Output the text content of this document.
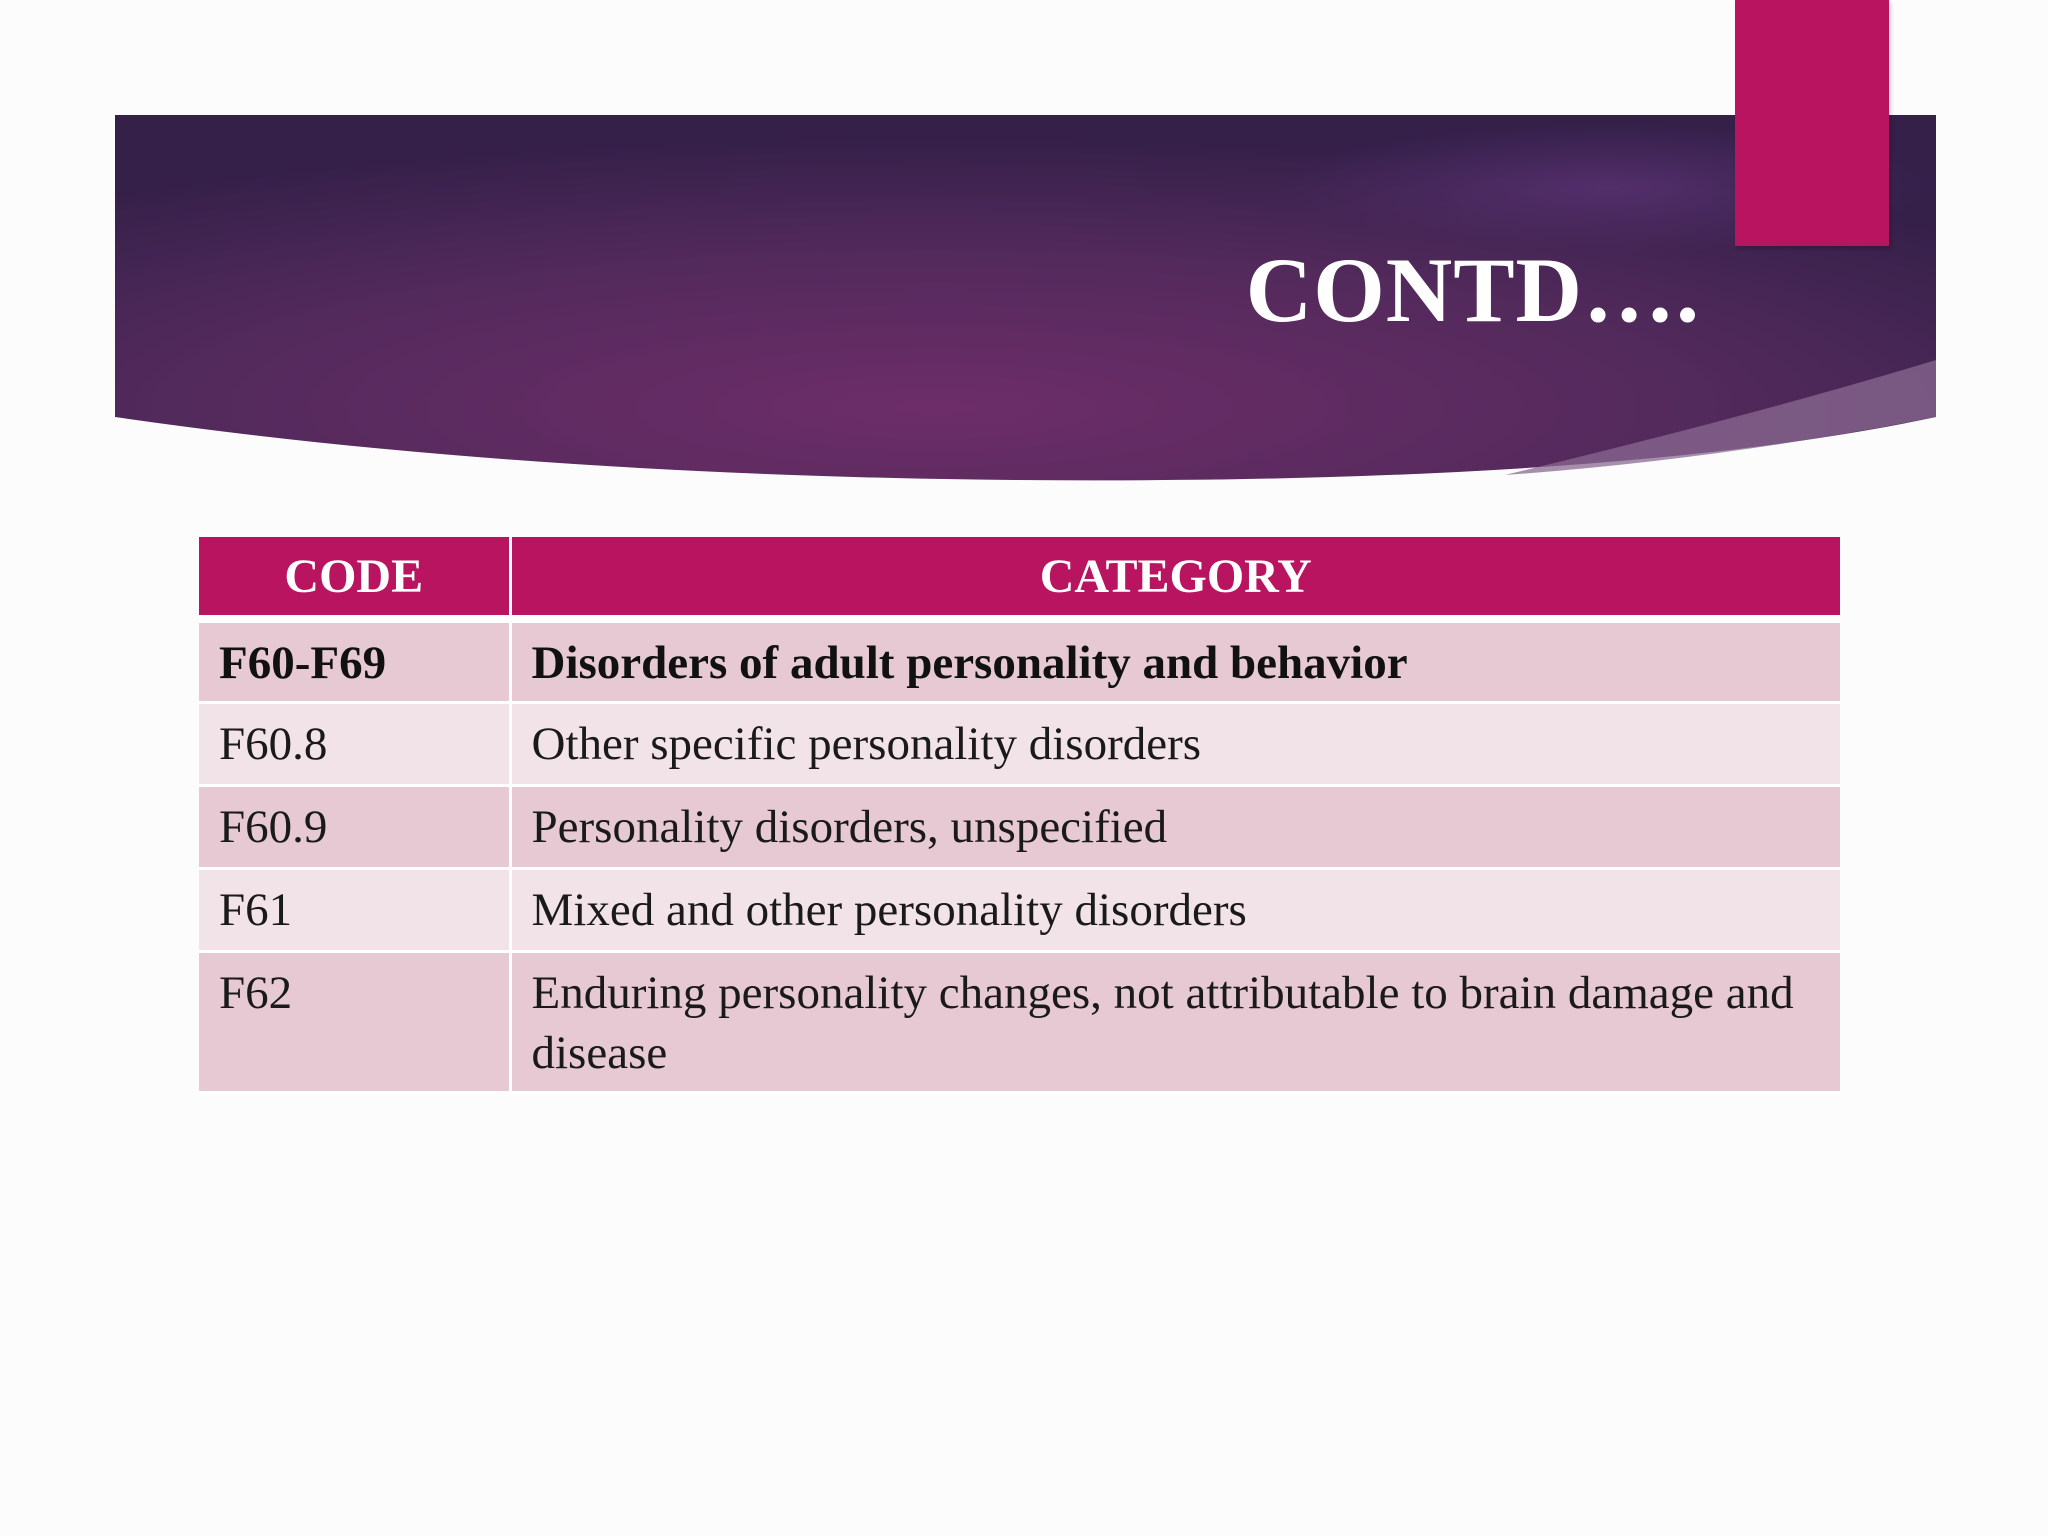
CONTD….
CODE	CATEGORY
F60-F69	Disorders of adult personality and behavior
F60.8	Other specific personality disorders
F60.9	Personality disorders, unspecified
F61	Mixed and other personality disorders
F62	Enduring personality changes, not attributable to brain damage and disease
